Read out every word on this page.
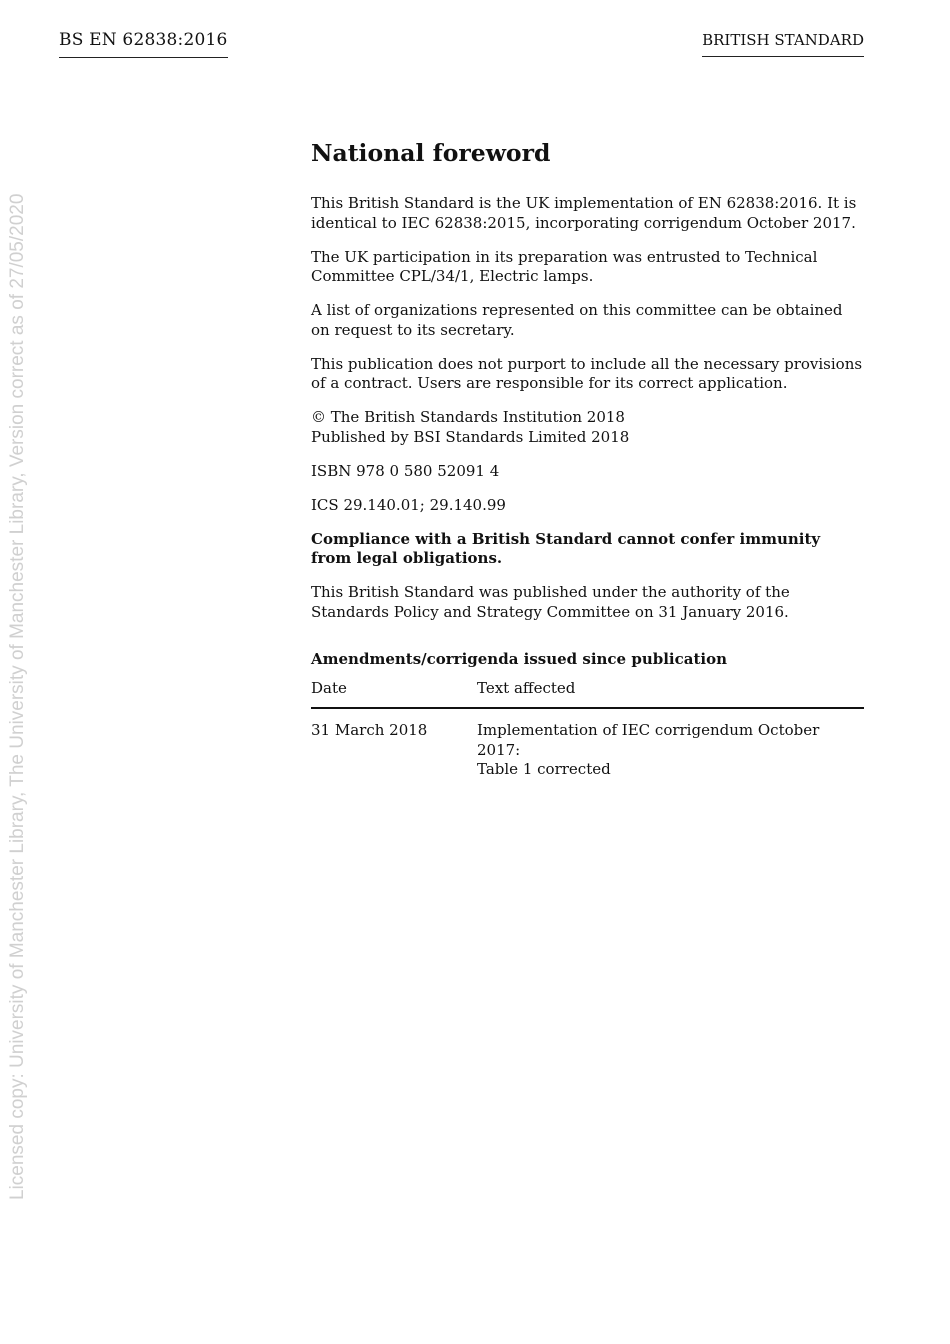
BS EN 62838:2016	BRITISH STANDARD
Licensed copy: University of Manchester Library, The University of Manchester Library, Version correct as of 27/05/2020
National foreword

This British Standard is the UK implementation of EN 62838:2016. It is identical to IEC 62838:2015, incorporating corrigendum October 2017.

The UK participation in its preparation was entrusted to Technical Committee CPL/34/1, Electric lamps.

A list of organizations represented on this committee can be obtained on request to its secretary.

This publication does not purport to include all the necessary provisions of a contract. Users are responsible for its correct application.

© The British Standards Institution 2018
Published by BSI Standards Limited 2018

ISBN 978 0 580 52091 4

ICS 29.140.01; 29.140.99

Compliance with a British Standard cannot confer immunity from legal obligations.

This British Standard was published under the authority of the Standards Policy and Strategy Committee on 31 January 2016.

Amendments/corrigenda issued since publication
Date	Text affected
31 March 2018	Implementation of IEC corrigendum October 2017:
Table 1 corrected
